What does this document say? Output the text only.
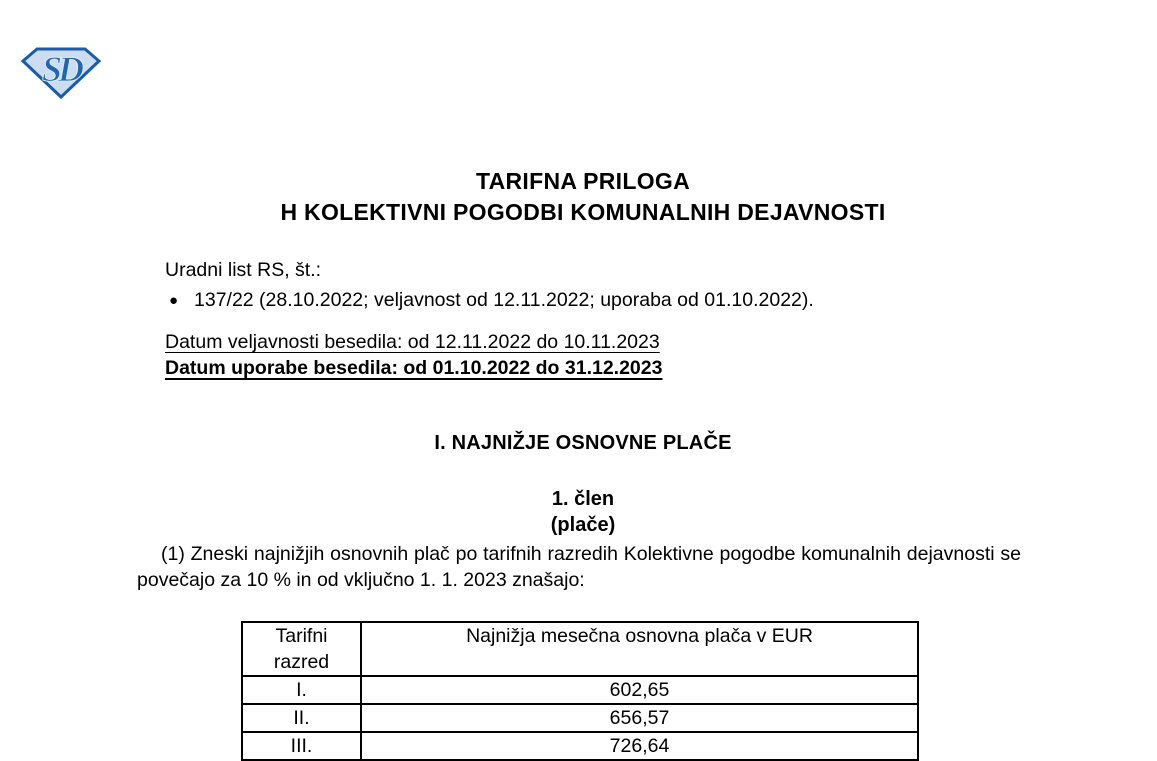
SD
TARIFNA PRILOGA
H KOLEKTIVNI POGODBI KOMUNALNIH DEJAVNOSTI
Uradni list RS, št.:
● 137/22 (28.10.2022; veljavnost od 12.11.2022; uporaba od 01.10.2022).
Datum veljavnosti besedila: od 12.11.2022 do 10.11.2023
Datum uporabe besedila: od 01.10.2022 do 31.12.2023
I. NAJNIŽJE OSNOVNE PLAČE
1. člen
(plače)
(1) Zneski najnižjih osnovnih plač po tarifnih razredih Kolektivne pogodbe komunalnih dejavnosti se povečajo za 10 % in od vključno 1. 1. 2023 znašajo:
Tarifni razred	Najnižja mesečna osnovna plača v EUR
I.	602,65
II.	656,57
III.	726,64
